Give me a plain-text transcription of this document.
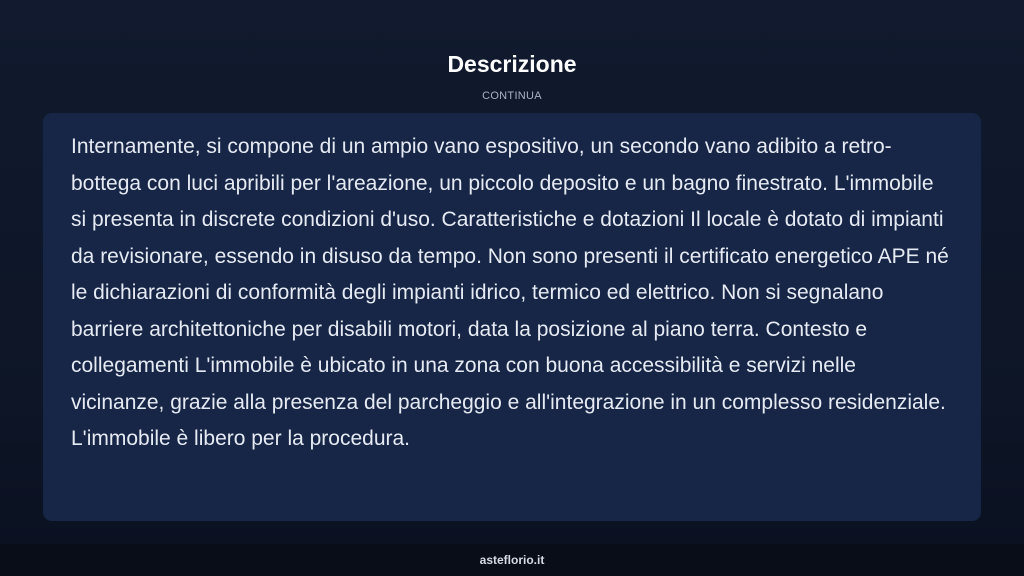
Descrizione
CONTINUA

Internamente, si compone di un ampio vano espositivo, un secondo vano adibito a retro-bottega con luci apribili per l'areazione, un piccolo deposito e un bagno finestrato. L'immobile si presenta in discrete condizioni d'uso. Caratteristiche e dotazioni Il locale è dotato di impianti da revisionare, essendo in disuso da tempo. Non sono presenti il certificato energetico APE né le dichiarazioni di conformità degli impianti idrico, termico ed elettrico. Non si segnalano barriere architettoniche per disabili motori, data la posizione al piano terra. Contesto e collegamenti L'immobile è ubicato in una zona con buona accessibilità e servizi nelle vicinanze, grazie alla presenza del parcheggio e all'integrazione in un complesso residenziale. L'immobile è libero per la procedura.

asteflorio.it
